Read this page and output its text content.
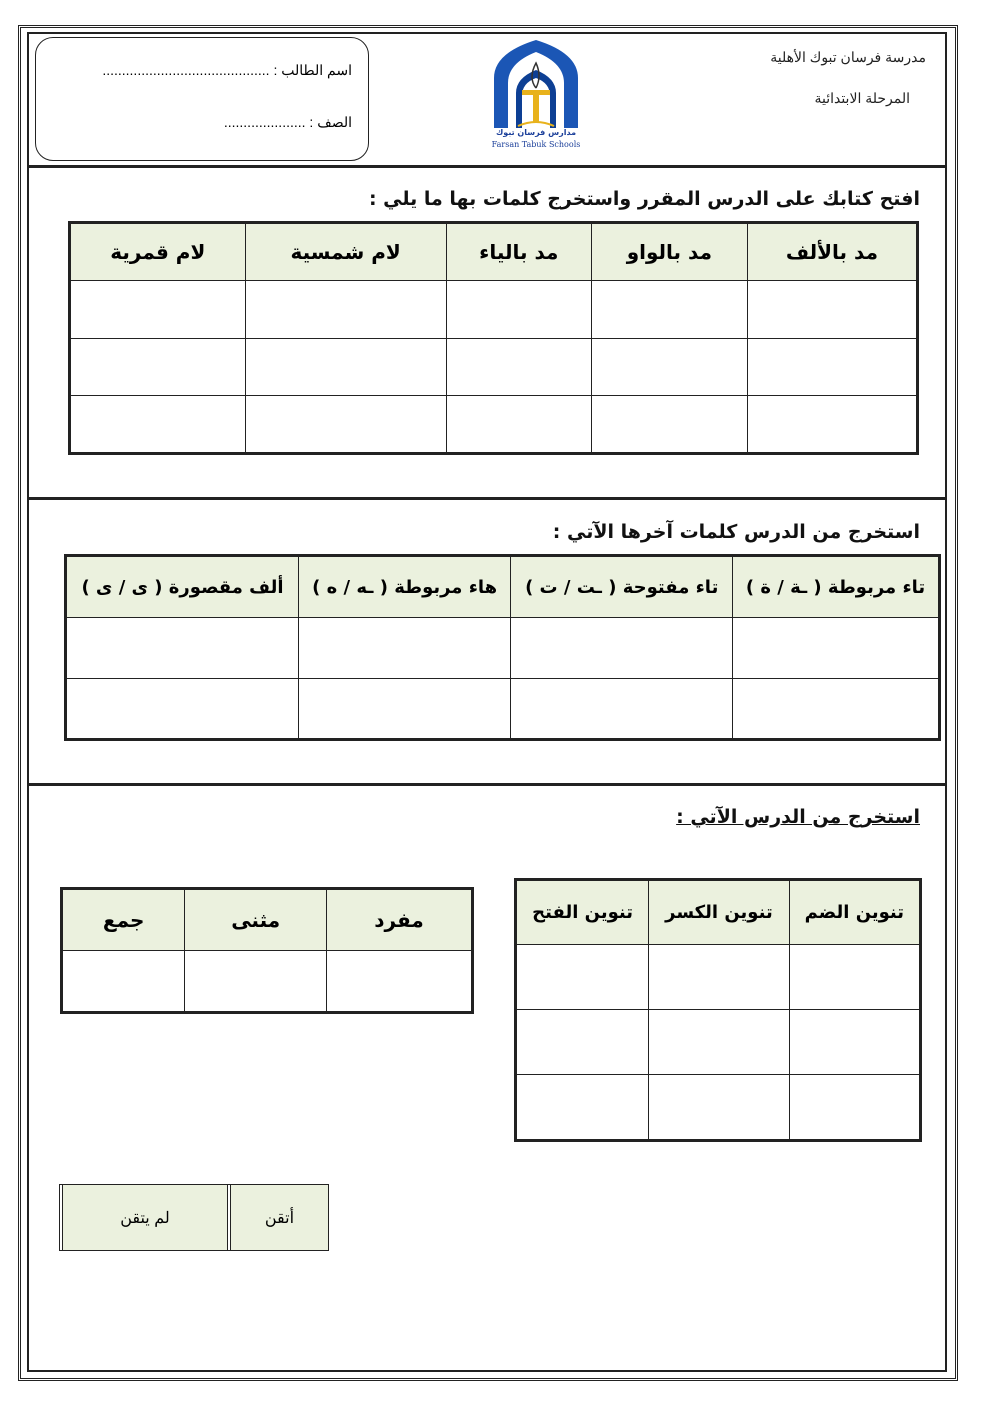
اسم الطالب : ...........................................
الصف : .....................
مدارس فرسان تبوك
Farsan Tabuk Schools
مدرسة فرسان تبوك الأهلية
المرحلة الابتدائية
افتح كتابك على الدرس المقرر واستخرج كلمات بها ما يلي :
مد بالألف	مد بالواو	مد بالياء	لام شمسية	لام قمرية

استخرج من الدرس كلمات آخرها الآتي :
تاء مربوطة ( ـة / ة )	تاء مفتوحة ( ـت / ت )	هاء مربوطة ( ـه / ه )	ألف مقصورة ( ى / ى )

استخرج من الدرس الآتي :
تنوين الضم	تنوين الكسر	تنوين الفتح

مفرد	مثنى	جمع

أتقن		لم يتقن	
